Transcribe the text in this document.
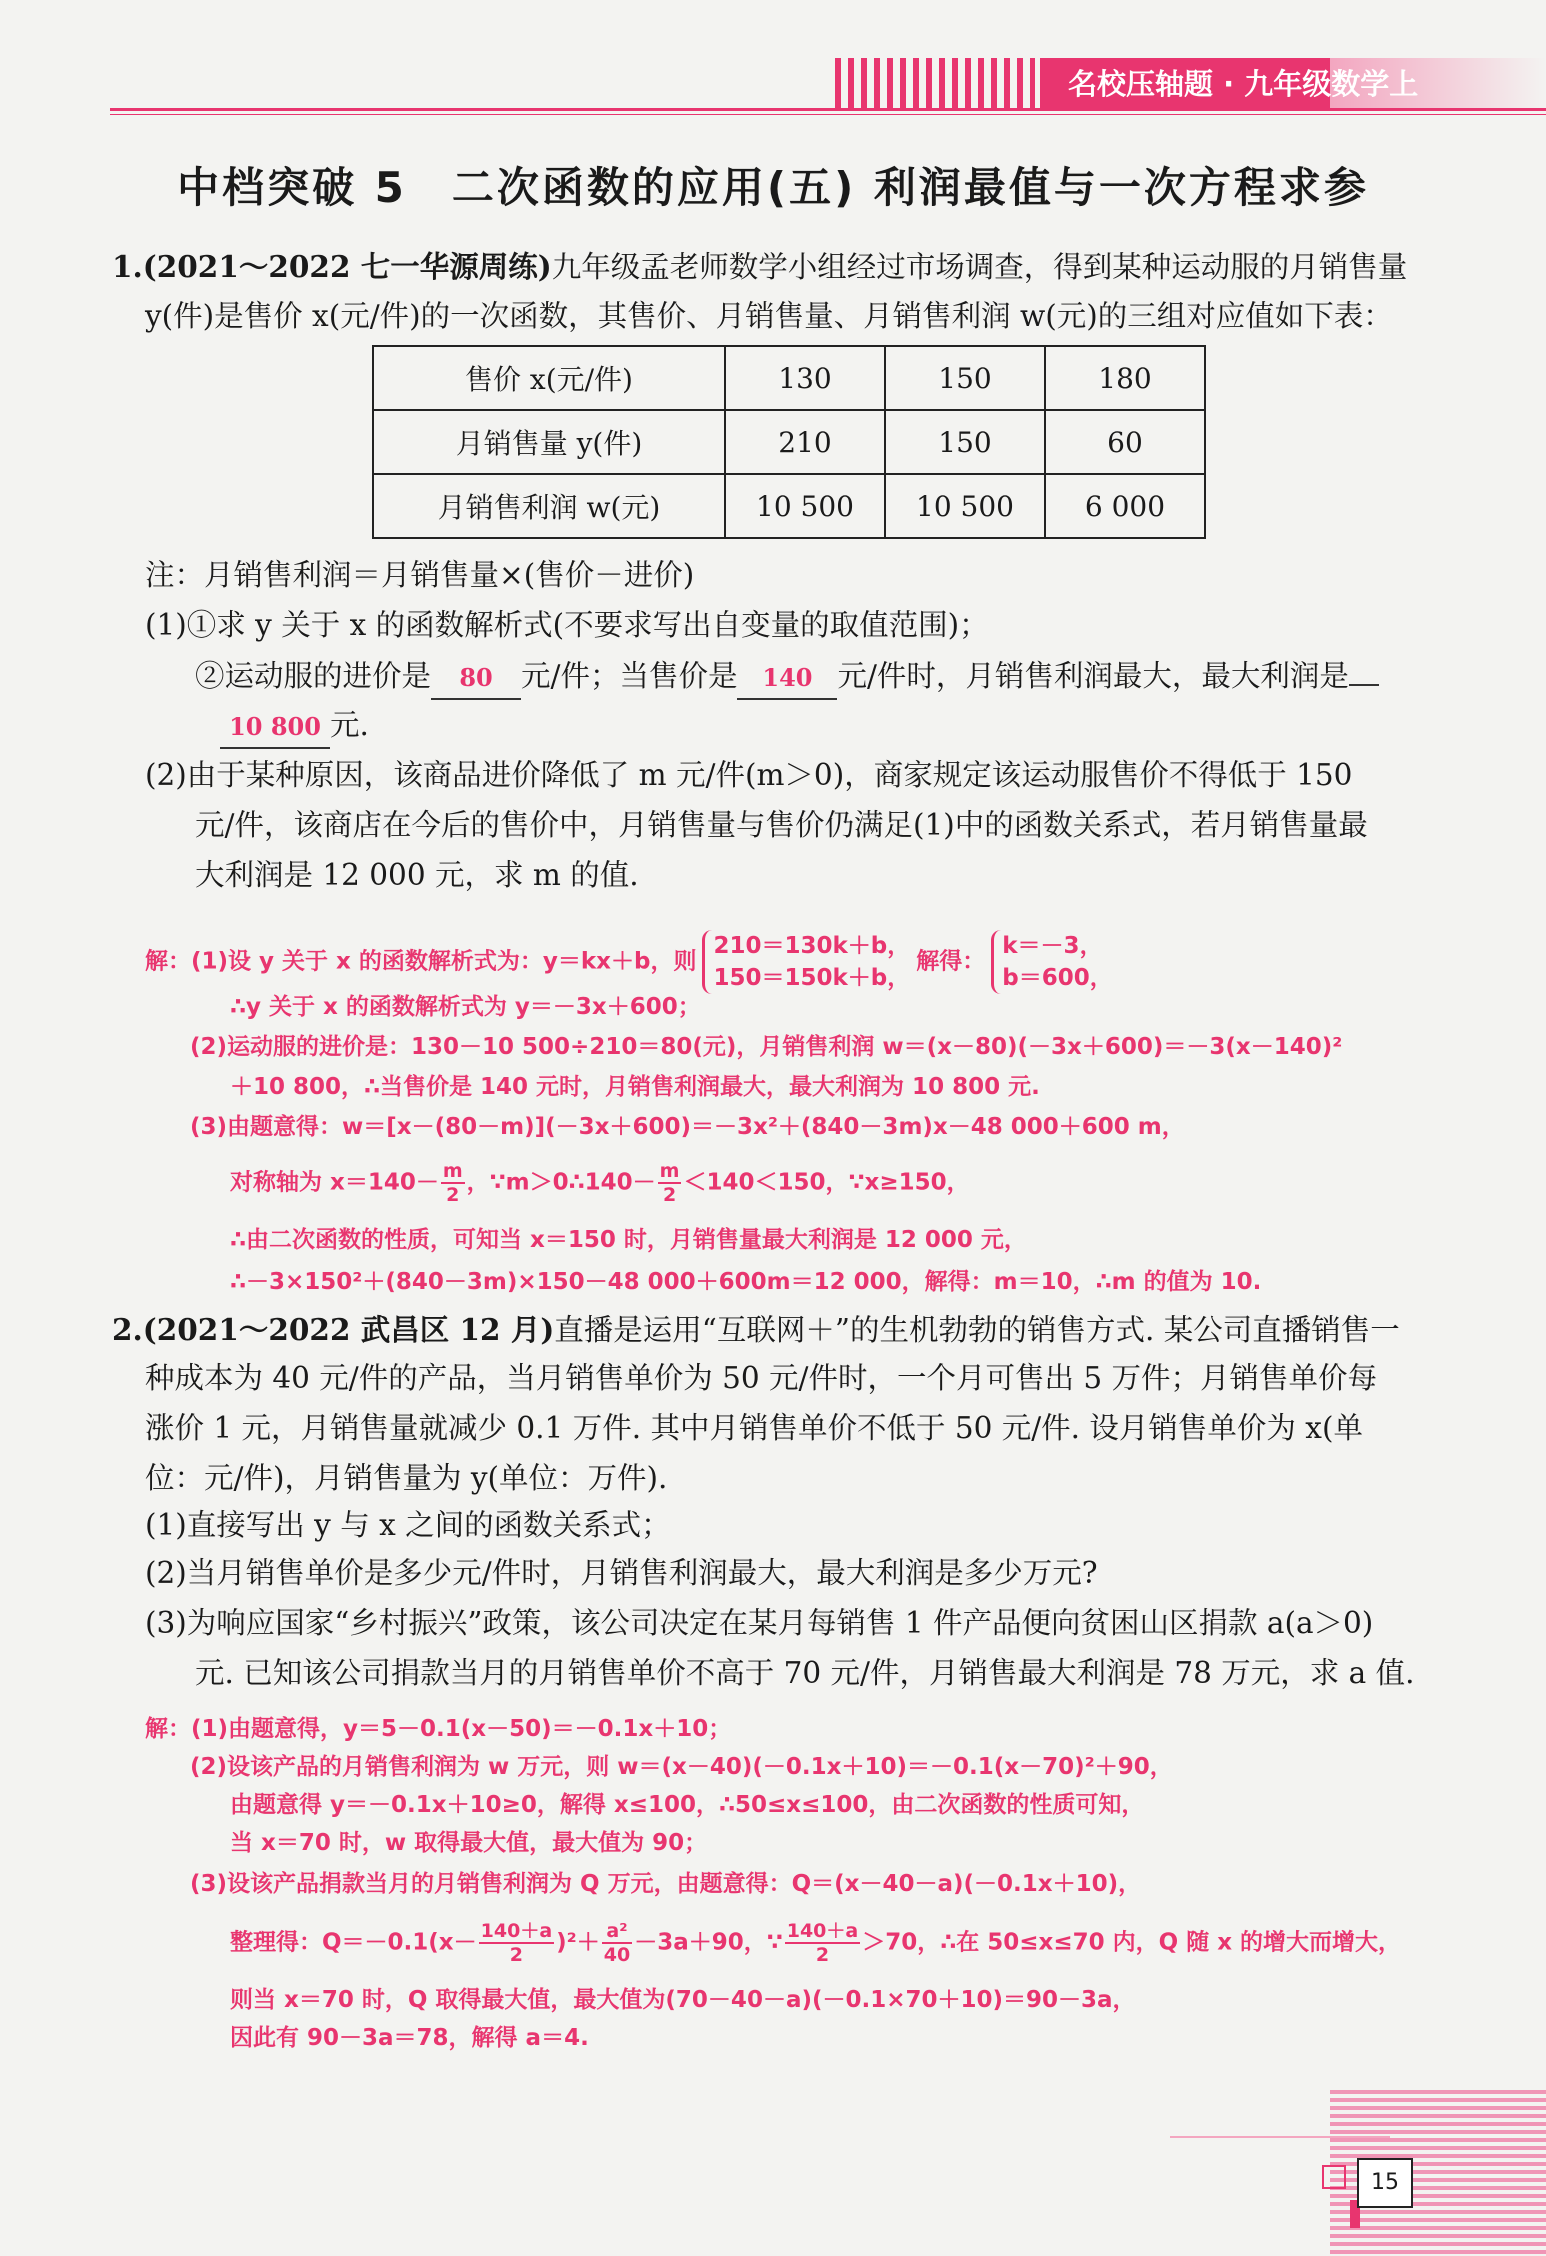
名校压轴题 · 九年级数学上
中档突破 5　二次函数的应用(五) 利润最值与一次方程求参
1.(2021～2022 七一华源周练)九年级孟老师数学小组经过市场调查，得到某种运动服的月销售量
y(件)是售价 x(元/件)的一次函数，其售价、月销售量、月销售利润 w(元)的三组对应值如下表：
售价 x(元/件)	130	150	180
月销售量 y(件)	210	150	60
月销售利润 w(元)	10 500	10 500	6 000
注：月销售利润＝月销售量×(售价－进价)
(1)①求 y 关于 x 的函数解析式(不要求写出自变量的取值范围)；
②运动服的进价是 80 元/件；当售价是 140 元/件时，月销售利润最大，最大利润是
10 800 元.
(2)由于某种原因，该商品进价降低了 m 元/件(m＞0)，商家规定该运动服售价不得低于 150
元/件，该商店在今后的售价中，月销售量与售价仍满足(1)中的函数关系式，若月销售量最
大利润是 12 000 元，求 m 的值.
解：(1)设 y 关于 x 的函数解析式为：y＝kx＋b，则
210＝130k＋b，
150＝150k＋b，
解得：
k＝－3，
b＝600，
∴y 关于 x 的函数解析式为 y＝－3x＋600；
(2)运动服的进价是：130－10 500÷210＝80(元)，月销售利润 w＝(x－80)(－3x＋600)＝－3(x－140)²
＋10 800，∴当售价是 140 元时，月销售利润最大，最大利润为 10 800 元.
(3)由题意得：w＝[x－(80－m)](－3x＋600)＝－3x²＋(840－3m)x－48 000＋600 m，
对称轴为 $x=140- \frac{m}{2}$ ，∵m＞0∴140－ $\frac{m}{2} <140<150$，∵x≥150，
∴由二次函数的性质，可知当 x＝150 时，月销售量最大利润是 12 000 元，
∴－3×150²＋(840－3m)×150－48 000＋600m＝12 000，解得：m＝10，∴m 的值为 10.
2.(2021～2022 武昌区 12 月)直播是运用“互联网＋”的生机勃勃的销售方式. 某公司直播销售一
种成本为 40 元/件的产品，当月销售单价为 50 元/件时，一个月可售出 5 万件；月销售单价每
涨价 1 元，月销售量就减少 0.1 万件. 其中月销售单价不低于 50 元/件. 设月销售单价为 x(单
位：元/件)，月销售量为 y(单位：万件).
(1)直接写出 y 与 x 之间的函数关系式；
(2)当月销售单价是多少元/件时，月销售利润最大，最大利润是多少万元?
(3)为响应国家“乡村振兴”政策，该公司决定在某月每销售 1 件产品便向贫困山区捐款 a(a＞0)
元. 已知该公司捐款当月的月销售单价不高于 70 元/件，月销售最大利润是 78 万元，求 a 值.
解：(1)由题意得，y＝5－0.1(x－50)＝－0.1x＋10；
(2)设该产品的月销售利润为 w 万元，则 w＝(x－40)(－0.1x＋10)＝－0.1(x－70)²＋90，
由题意得 y＝－0.1x＋10≥0，解得 x≤100，∴50≤x≤100，由二次函数的性质可知，
当 x＝70 时，w 取得最大值，最大值为 90；
(3)设该产品捐款当月的月销售利润为 Q 万元，由题意得：Q＝(x－40－a)(－0.1x＋10)，
整理得：$Q=-0.1(x- \frac{140+a}{2} )^2+ \frac{\text{a²}}{40} -3a+90$，∵ $\frac{140+a}{2} >70$，∴在 50≤x≤70 内，Q 随 x 的增大而增大，
则当 x＝70 时，Q 取得最大值，最大值为(70－40－a)(－0.1×70＋10)＝90－3a，
因此有 90－3a＝78，解得 a＝4.
15
